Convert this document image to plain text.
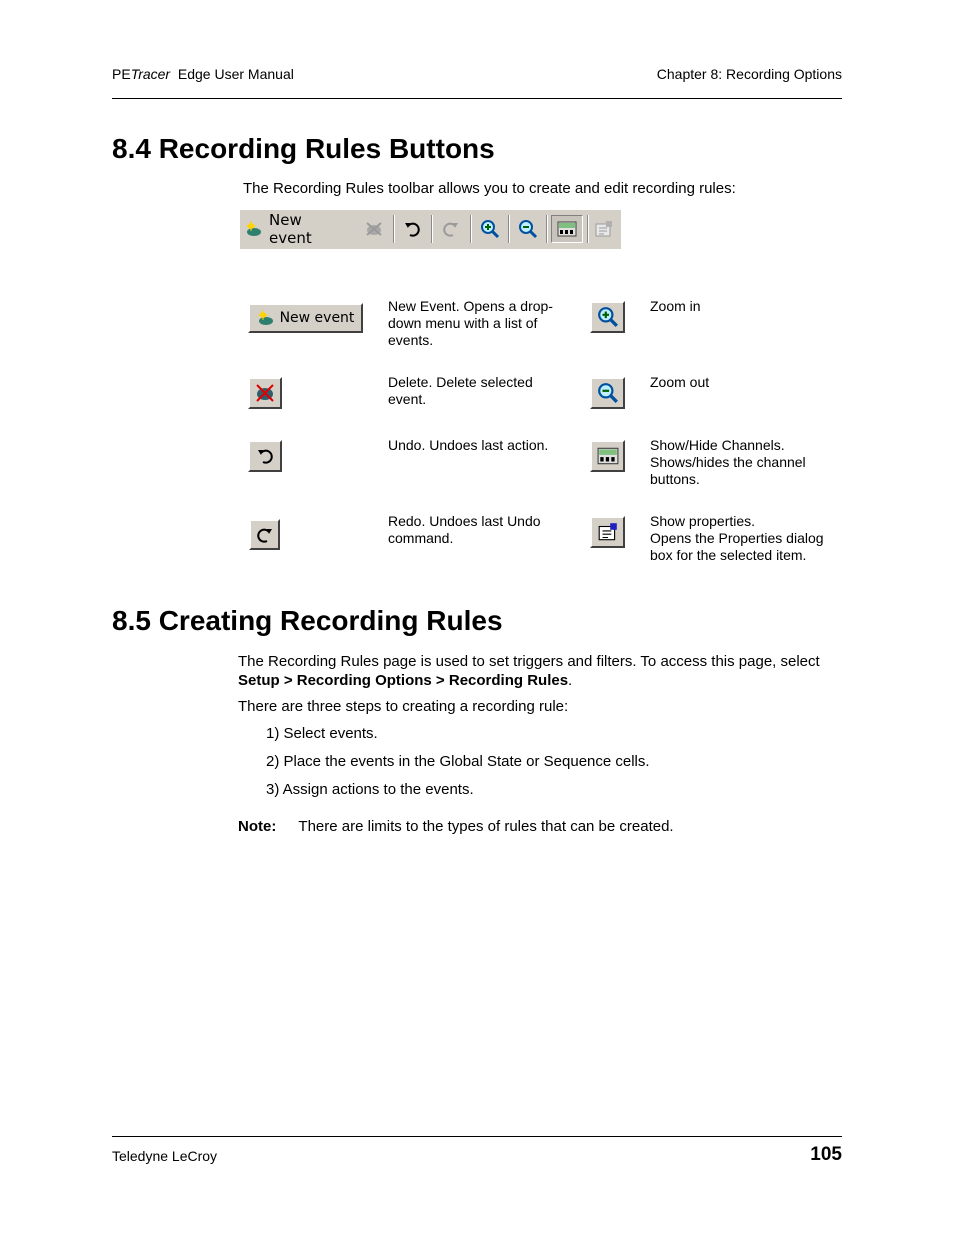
PETracer Edge User Manual	Chapter 8: Recording Options
8.4 Recording Rules Buttons
The Recording Rules toolbar allows you to create and edit recording rules:
New event
New event
New Event. Opens a drop-down menu with a list of events.
Delete. Delete selected event.
Undo. Undoes last action.
Redo. Undoes last Undo command.
Zoom in
Zoom out
Show/Hide Channels.
Shows/hides the channel buttons.
Show properties.
Opens the Properties dialog box for the selected item.
8.5 Creating Recording Rules
The Recording Rules page is used to set triggers and filters. To access this page, select Setup > Recording Options > Recording Rules.
There are three steps to creating a recording rule:
1) Select events.
2) Place the events in the Global State or Sequence cells.
3) Assign actions to the events.
Note: There are limits to the types of rules that can be created.
Teledyne LeCroy	105
